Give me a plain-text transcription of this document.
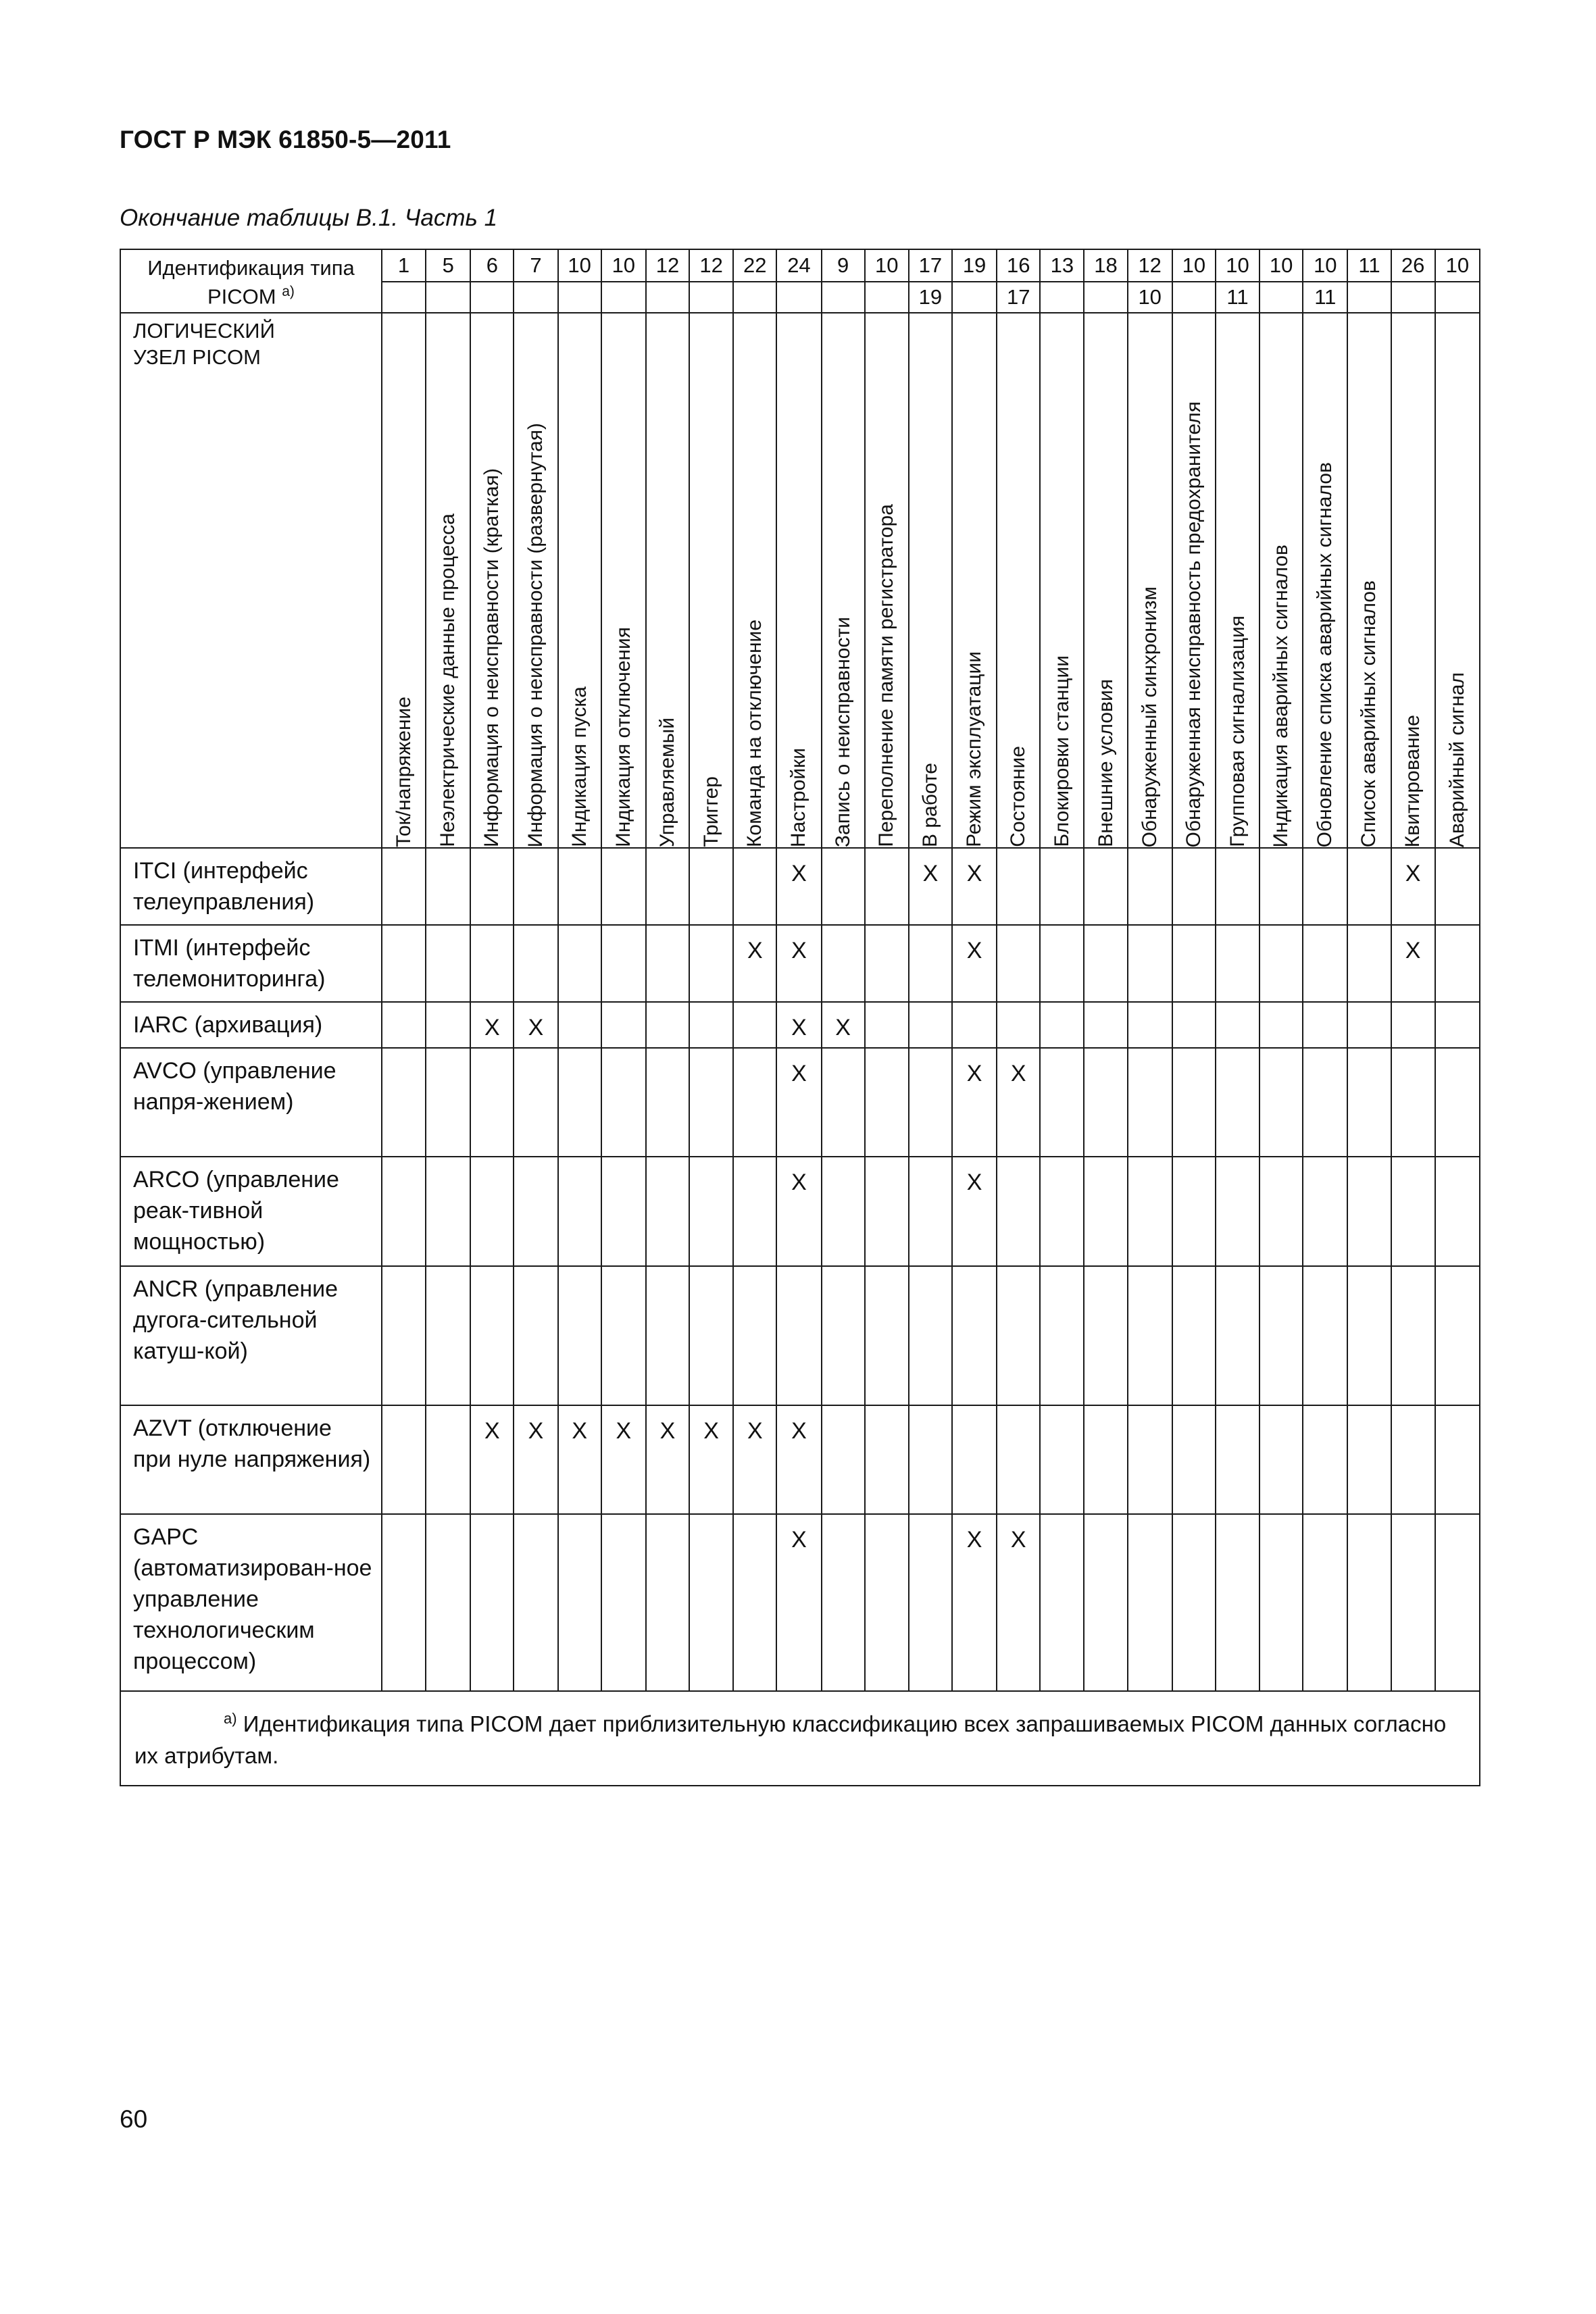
ГОСТ Р МЭК 61850-5—2011
Окончание таблицы В.1. Часть 1
Идентификация типа PICOM $^{а)}$	1	5	6	7	10	10	12	12	22	24	9	10	17	19	16	13	18	12	10	10	10	10	11	26	10
													19		17			10		11		11			

ЛОГИЧЕСКИЙ УЗЕЛ PICOM	Ток/напряжение	Неэлектрические данные процесса	Информация о неисправности (краткая)	Информация о неисправности (развернутая)	Индикация пуска	Индикация отключения	Управляемый	Триггер	Команда на отключение	Настройки	Запись о неисправности	Переполнение памяти регистратора	В работе	Режим эксплуатации	Состояние	Блокировки станции	Внешние условия	Обнаруженный синхронизм	Обнаруженная неисправность предохранителя	Групповая сигнализация	Индикация аварийных сигналов	Обновление списка аварийных сигналов	Список аварийных сигналов	Квитирование	Аварийный сигнал

ITCI (интерфейс телеуправления)										X			X	X										X	
ITMI (интерфейс телемониторинга)									X	X				X										X	
IARC (архивация)			X	X						X	X														
AVCO (управление напря-жением)										X				X	X										
ARCO (управление реак-тивной мощностью)										X				X											
ANCR (управление дугога-сительной катуш-кой)																									
AZVT (отключение при нуле напряжения)			X	X	X	X	X	X	X	X															
GAPC (автоматизирован-ное управление технологическим процессом)										X				X	X										

$^{а)}$ Идентификация типа PICOM дает приблизительную классификацию всех запрашиваемых PICOM данных согласно их атрибутам.																									
60
